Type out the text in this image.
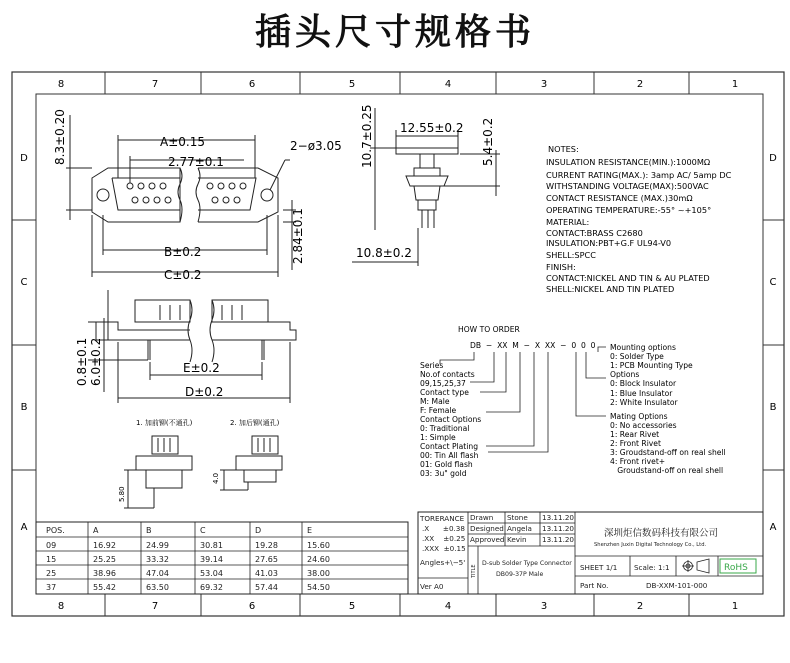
插头尺寸规格书
8	7	6	5	4	3	2	1
8	7	6	5	4	3	2	1
D
C
B
A
D
C
B
A
A±0.15
2.77±0.1
2−ø3.05
B±0.2
C±0.2
8.3±0.20
2.84±0.1
12.55±0.2
10.7±0.25	5.4±0.2
10.8±0.2
0.8±0.1 6.0±0.2	E±0.2
D±0.2
1. 加前铆(不通孔)	2. 加后铆(通孔)
5.80
4.0
NOTES:
INSULATION RESISTANCE(MIN.):1000MΩ
CURRENT RATING(MAX.): 3amp AC/ 5amp DC
WITHSTANDING VOLTAGE(MAX):500VAC
CONTACT RESISTANCE (MAX.)30mΩ
OPERATING TEMPERATURE:-55° ~+105°
MATERIAL:
CONTACT:BRASS C2680
INSULATION:PBT+G.F UL94-V0
SHELL:SPCC
FINISH:
CONTACT:NICKEL AND TIN & AU PLATED
SHELL:NICKEL AND TIN PLATED
HOW TO ORDER
DB  −  XX  M  −  X  XX  −  0  0  0
Series
No.of contacts
09,15,25,37
Contact type
M: Male
F: Female
Contact Options
0: Traditional
1: Simple
Contact Plating
00: Tin All flash
01: Gold flash
03: 3u" gold
Mounting options
0: Solder Type
1: PCB Mounting Type
Options
0: Block Insulator
1: Blue Insulator
2: White Insulator
Mating Options
0: No accessories
1: Rear Rivet
2: Front Rivet
3: Groudstand-off on real shell
4: Front rivet+
Groudstand-off on real shell
POS.	A	B	C	D	E
09	16.92	24.99	30.81	19.28	15.60
15	25.25	33.32	39.14	27.65	24.60
25	38.96	47.04	53.04	41.03	38.00
37	55.42	63.50	69.32	57.44	54.50
TORERANCE
.X      ±0.38
.XX    ±0.25
.XXX  ±0.15
Angles+\−5'
Ver A0
Drawn Stone 13.11.20
Designed Angela 13.11.20
Approved Kevin 13.11.20
TITLE
D-sub Solder Type Connector
DB09-37P Male
深圳炬信数码科技有限公司
Shenzhen Juxin Digital Technology Co., Ltd.
SHEET 1/1 Scale: 1:1
Part No.	DB-XXM-101-000
RoHS
